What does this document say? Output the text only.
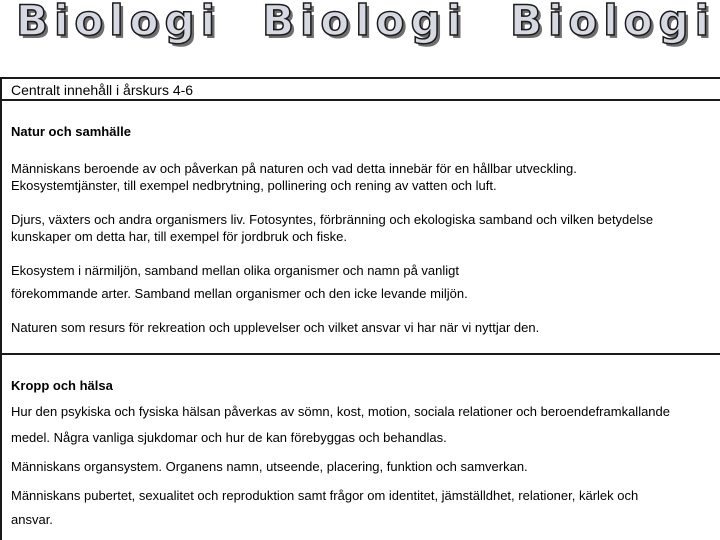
Biologi Biologi Biologi
Centralt innehåll i årskurs 4-6
Natur och samhälle
Människans beroende av och påverkan på naturen och vad detta innebär för en hållbar utveckling.
Ekosystemtjänster, till exempel nedbrytning, pollinering och rening av vatten och luft.
Djurs, växters och andra organismers liv. Fotosyntes, förbränning och ekologiska samband och vilken betydelse
kunskaper om detta har, till exempel för jordbruk och fiske.
Ekosystem i närmiljön, samband mellan olika organismer och namn på vanligt
förekommande arter. Samband mellan organismer och den icke levande miljön.
Naturen som resurs för rekreation och upplevelser och vilket ansvar vi har när vi nyttjar den.
Kropp och hälsa
Hur den psykiska och fysiska hälsan påverkas av sömn, kost, motion, sociala relationer och beroendeframkallande
medel. Några vanliga sjukdomar och hur de kan förebyggas och behandlas.
Människans organsystem. Organens namn, utseende, placering, funktion och samverkan.
Människans pubertet, sexualitet och reproduktion samt frågor om identitet, jämställdhet, relationer, kärlek och
ansvar.
